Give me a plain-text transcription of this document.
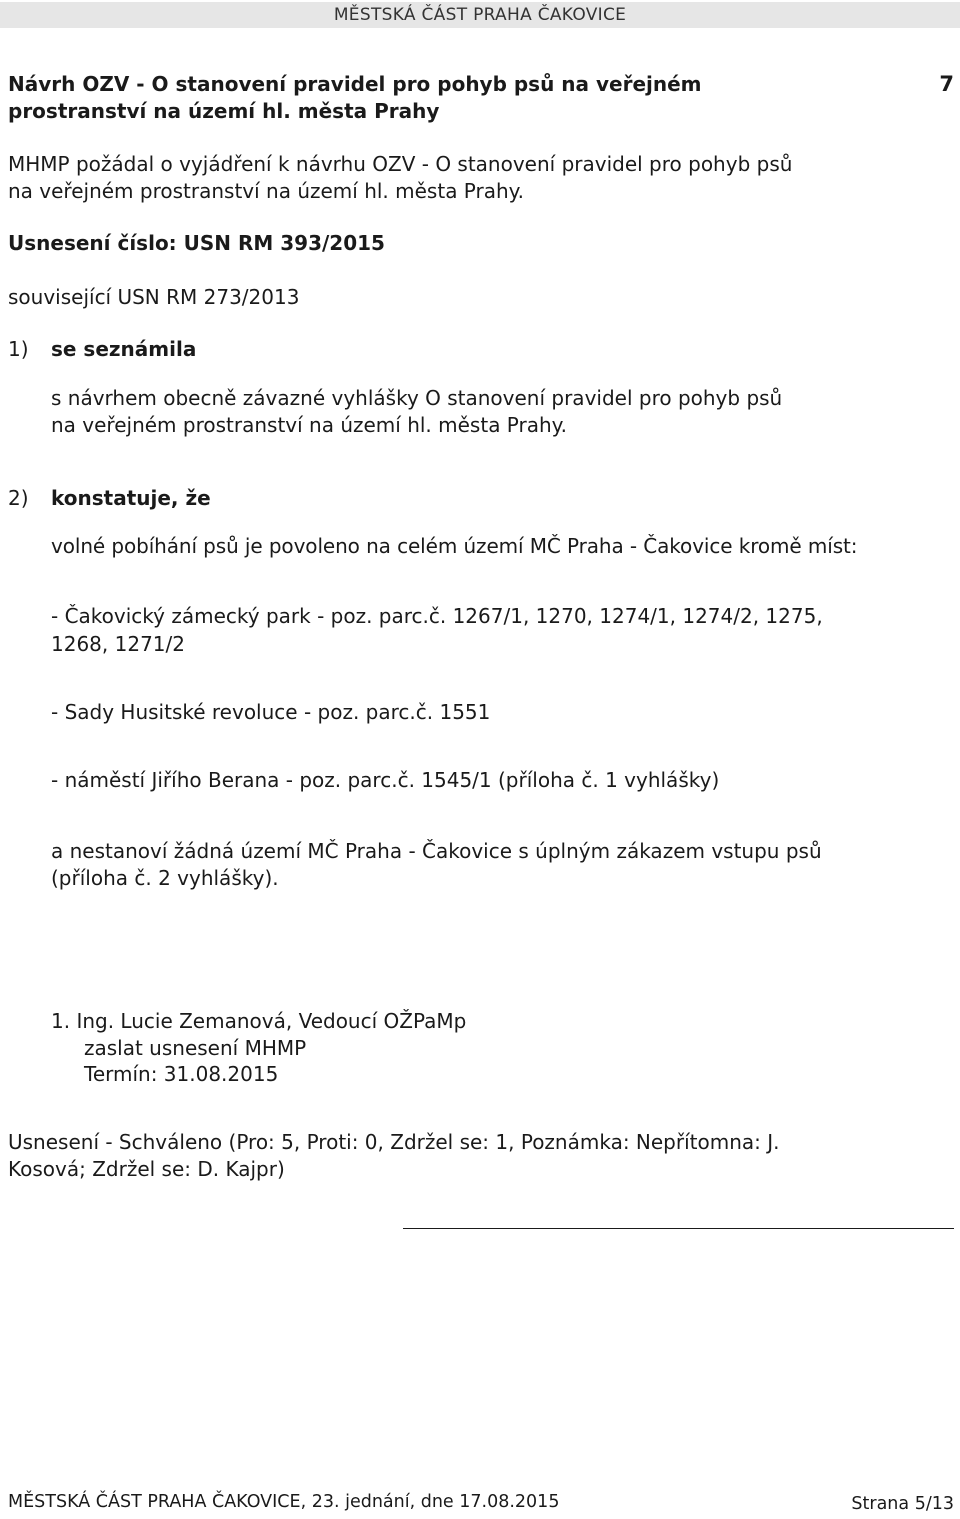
MĚSTSKÁ ČÁST PRAHA ČAKOVICE
Návrh OZV - O stanovení pravidel pro pohyb psů na veřejném
prostranství na území hl. města Prahy
7
MHMP požádal o vyjádření k návrhu OZV - O stanovení pravidel pro pohyb psů
na veřejném prostranství na území hl. města Prahy.
Usnesení číslo: USN RM 393/2015
související USN RM 273/2013
1) se seznámila
s návrhem obecně závazné vyhlášky O stanovení pravidel pro pohyb psů
na veřejném prostranství na území hl. města Prahy.
2) konstatuje, že
volné pobíhání psů je povoleno na celém území MČ Praha - Čakovice kromě míst:
- Čakovický zámecký park - poz. parc.č. 1267/1, 1270, 1274/1, 1274/2, 1275,
1268, 1271/2
- Sady Husitské revoluce - poz. parc.č. 1551
- náměstí Jiřího Berana - poz. parc.č. 1545/1 (příloha č. 1 vyhlášky)
a nestanoví žádná území MČ Praha - Čakovice s úplným zákazem vstupu psů
(příloha č. 2 vyhlášky).
1. Ing. Lucie Zemanová, Vedoucí OŽPaMp
zaslat usnesení MHMP
Termín: 31.08.2015
Usnesení - Schváleno (Pro: 5, Proti: 0, Zdržel se: 1, Poznámka: Nepřítomna: J.
Kosová; Zdržel se: D. Kajpr)
MĚSTSKÁ ČÁST PRAHA ČAKOVICE, 23. jednání, dne 17.08.2015	Strana 5/13
